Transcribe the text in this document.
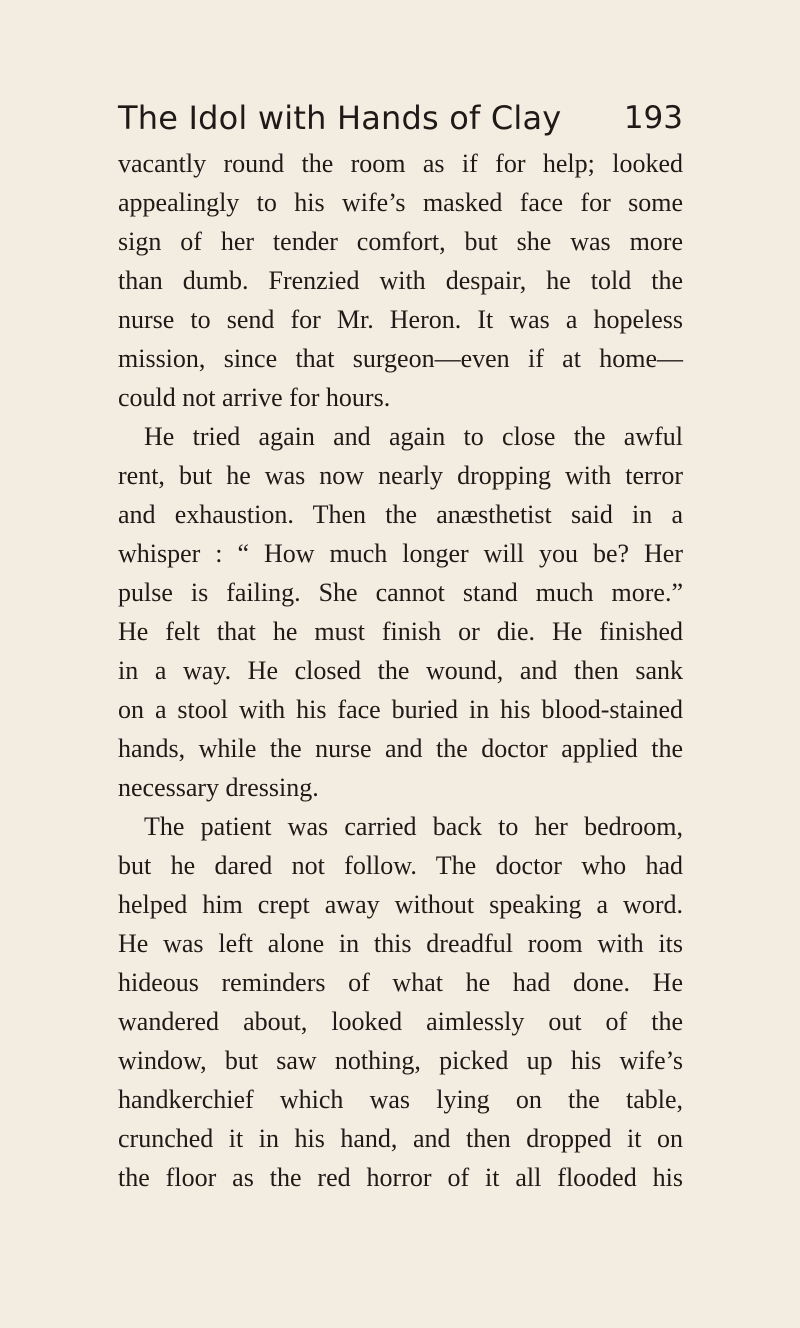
The Idol with Hands of Clay 193
vacantly round the room as if for help; looked
appealingly to his wife’s masked face for some
sign of her tender comfort, but she was more
than dumb. Frenzied with despair, he told the
nurse to send for Mr. Heron. It was a hopeless
mission, since that surgeon—even if at home—
could not arrive for hours.
He tried again and again to close the awful
rent, but he was now nearly dropping with terror
and exhaustion. Then the anæsthetist said in a
whisper : “ How much longer will you be? Her
pulse is failing. She cannot stand much more.”
He felt that he must finish or die. He finished
in a way. He closed the wound, and then sank
on a stool with his face buried in his blood-stained
hands, while the nurse and the doctor applied the
necessary dressing.
The patient was carried back to her bedroom,
but he dared not follow. The doctor who had
helped him crept away without speaking a word.
He was left alone in this dreadful room with its
hideous reminders of what he had done. He
wandered about, looked aimlessly out of the
window, but saw nothing, picked up his wife’s
handkerchief which was lying on the table,
crunched it in his hand, and then dropped it on
the floor as the red horror of it all flooded his
